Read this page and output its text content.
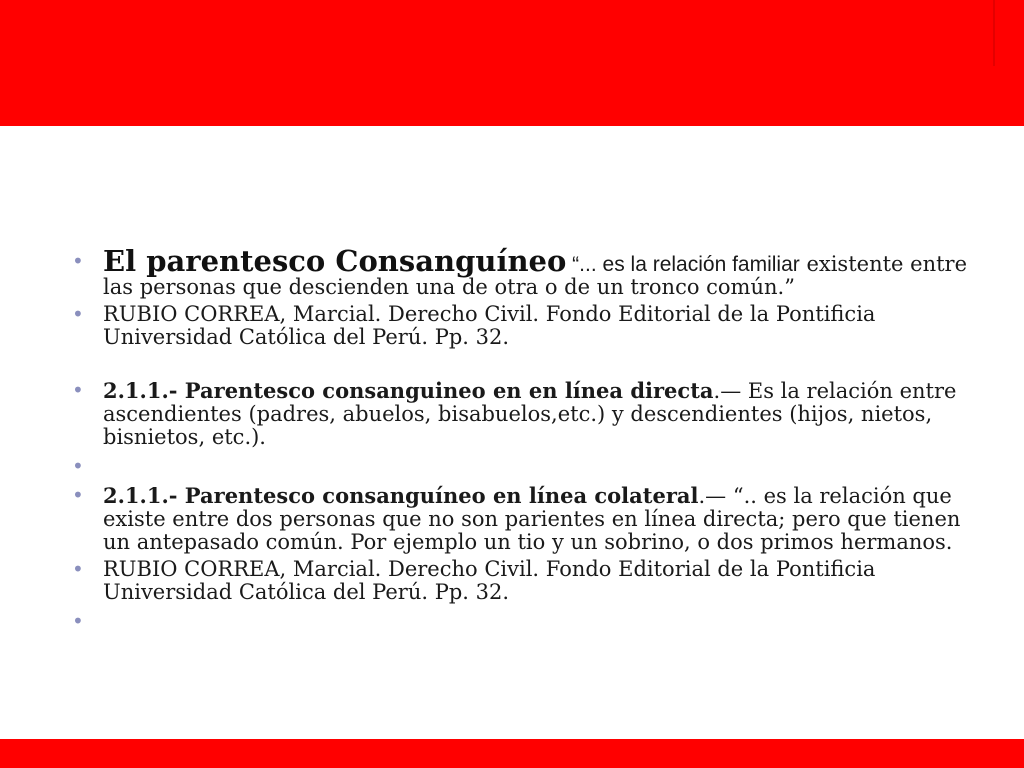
• El parentesco Consanguíneo “... es la relación familiar existente entre las personas que descienden una de otra o de un tronco común.”
• RUBIO CORREA, Marcial. Derecho Civil. Fondo Editorial de la Pontificia Universidad Católica del Perú. Pp. 32.
• 2.1.1.- Parentesco consanguineo en en línea directa.— Es la relación entre ascendientes (padres, abuelos, bisabuelos,etc.) y descendientes (hijos, nietos, bisnietos, etc.).
•
• 2.1.1.- Parentesco consanguíneo en línea colateral.— “.. es la relación que existe entre dos personas que no son parientes en línea directa; pero que tienen un antepasado común. Por ejemplo un tio y un sobrino, o dos primos hermanos.
• RUBIO CORREA, Marcial. Derecho Civil. Fondo Editorial de la Pontificia Universidad Católica del Perú. Pp. 32.
•
